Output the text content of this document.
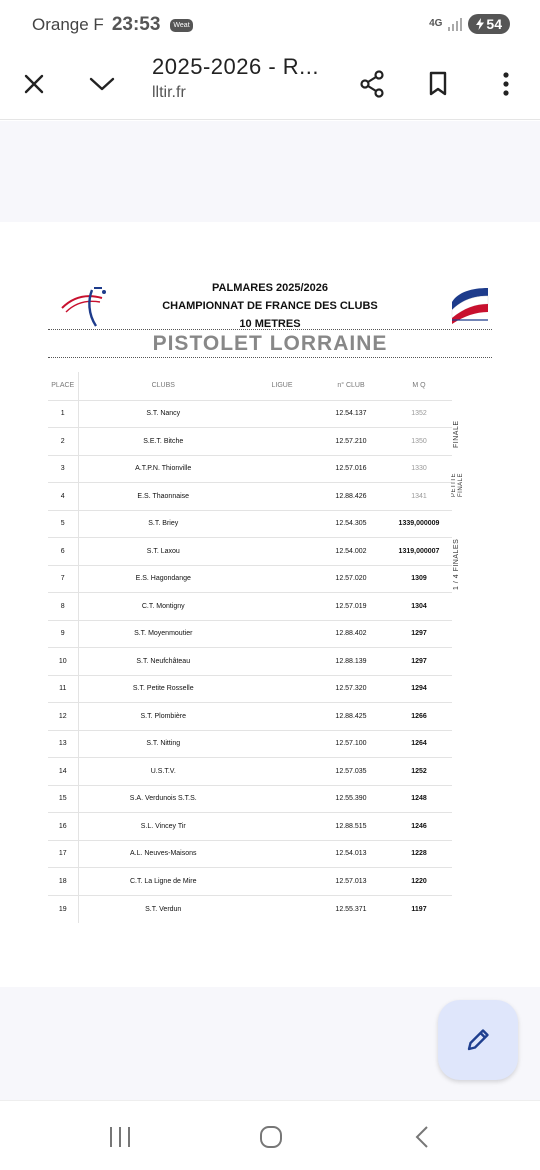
Orange F 23:53	Weat	4G	54
2025-2026 - R...
lltir.fr
PALMARES 2025/2026
CHAMPIONNAT DE FRANCE DES CLUBS
10 METRES
PISTOLET LORRAINE
PLACE	CLUBS	LIGUE	n° CLUB	M Q
1	S.T. Nancy		12.54.137	1352
2	S.E.T. Bitche		12.57.210	1350
3	A.T.P.N. Thionville		12.57.016	1330
4	E.S. Thaonnaise		12.88.426	1341
5	S.T. Briey		12.54.305	1339,000009
6	S.T. Laxou		12.54.002	1319,000007
7	E.S. Hagondange		12.57.020	1309
8	C.T. Montigny		12.57.019	1304
9	S.T. Moyenmoutier		12.88.402	1297
10	S.T. Neufchâteau		12.88.139	1297
11	S.T. Petite Rosselle		12.57.320	1294
12	S.T. Plombière		12.88.425	1266
13	S.T. Nitting		12.57.100	1264
14	U.S.T.V.		12.57.035	1252
15	S.A. Verdunois S.T.S.		12.55.390	1248
16	S.L. Vincey Tir		12.88.515	1246
17	A.L. Neuves-Maisons		12.54.013	1228
18	C.T. La Ligne de Mire		12.57.013	1220
19	S.T. Verdun		12.55.371	1197
FINALE
PETITE FINALE
1 / 4 FINALES
